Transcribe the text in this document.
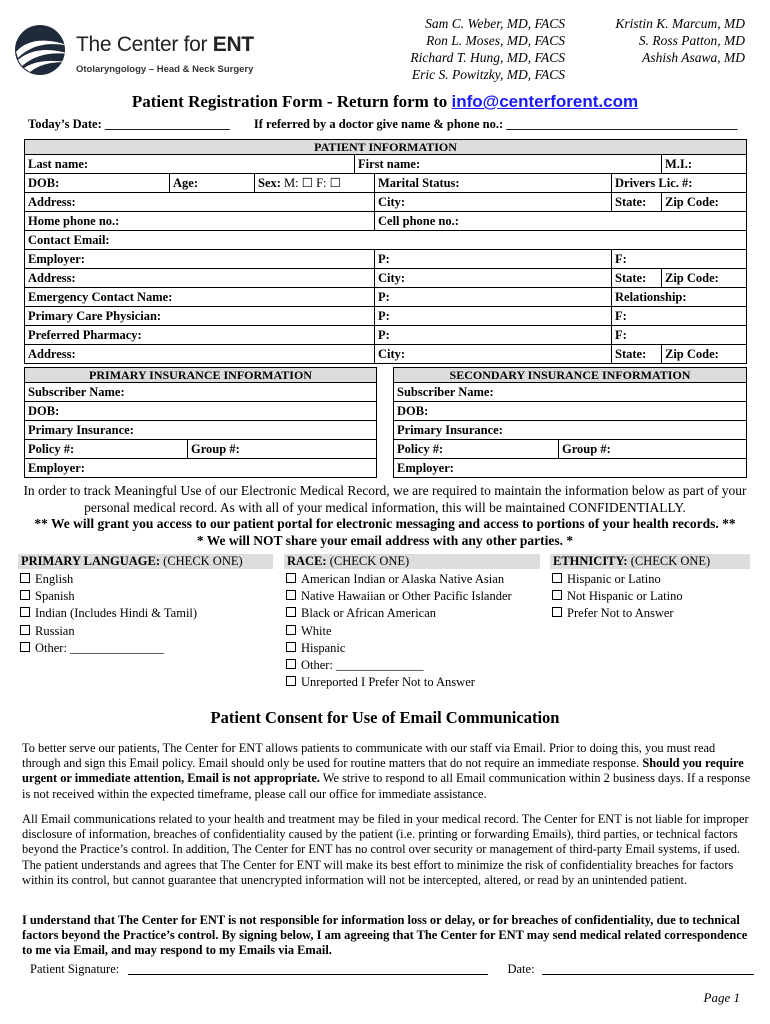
The Center for ENT
Otolaryngology – Head & Neck Surgery
Sam C. Weber, MD, FACS
Ron L. Moses, MD, FACS
Richard T. Hung, MD, FACS
Eric S. Powitzky, MD, FACS
Kristin K. Marcum, MD
S. Ross Patton, MD
Ashish Asawa, MD
Patient Registration Form - Return form to info@centerforent.com
Today’s Date: ____________________ If referred by a doctor give name & phone no.: _____________________________________
PATIENT INFORMATION						
Last name:			First name:			M.I.:
DOB:	Age:	Sex: M: ☐ F: ☐		Marital Status:	Drivers Lic. #:	
Address:				City:	State:	Zip Code:
Home phone no.:				Cell phone no.:		
Contact Email:						
Employer:				P:	F:	
Address:				City:	State:	Zip Code:
Emergency Contact Name:				P:	Relationship:	
Primary Care Physician:				P:	F:	
Preferred Pharmacy:				P:	F:	
Address:				City:	State:	Zip Code:
PRIMARY INSURANCE INFORMATION
Subscriber Name:
DOB:
Primary Insurance:
Policy #:	Group #:
Employer:
SECONDARY INSURANCE INFORMATION
Subscriber Name:
DOB:
Primary Insurance:
Policy #:	Group #:
Employer:
In order to track Meaningful Use of our Electronic Medical Record, we are required to maintain the information below as part of your personal medical record. As with all of your medical information, this will be maintained CONFIDENTIALLY.
** We will grant you access to our patient portal for electronic messaging and access to portions of your health records. **
* We will NOT share your email address with any other parties. *
PRIMARY LANGUAGE: (CHECK ONE)
English
Spanish
Indian (Includes Hindi & Tamil)
Russian
Other: _______________
RACE: (CHECK ONE)
American Indian or Alaska Native Asian
Native Hawaiian or Other Pacific Islander
Black or African American
White
Hispanic
Other: ______________
Unreported I Prefer Not to Answer
ETHNICITY: (CHECK ONE)
Hispanic or Latino
Not Hispanic or Latino
Prefer Not to Answer
Patient Consent for Use of Email Communication
To better serve our patients, The Center for ENT allows patients to communicate with our staff via Email. Prior to doing this, you must read through and sign this Email policy. Email should only be used for routine matters that do not require an immediate response. Should you require urgent or immediate attention, Email is not appropriate. We strive to respond to all Email communication within 2 business days. If a response is not received within the expected timeframe, please call our office for immediate assistance.
All Email communications related to your health and treatment may be filed in your medical record. The Center for ENT is not liable for improper disclosure of information, breaches of confidentiality caused by the patient (i.e. printing or forwarding Emails), third parties, or technical factors beyond the Practice’s control. In addition, The Center for ENT has no control over security or management of third-party Email systems, if used. The patient understands and agrees that The Center for ENT will make its best effort to minimize the risk of confidentiality breaches for factors within its control, but cannot guarantee that unencrypted information will not be intercepted, altered, or read by an unintended patient.
I understand that The Center for ENT is not responsible for information loss or delay, or for breaches of confidentiality, due to technical factors beyond the Practice’s control. By signing below, I am agreeing that The Center for ENT may send medical related correspondence to me via Email, and may respond to my Emails via Email.
Patient Signature:	Date:
Page 1
